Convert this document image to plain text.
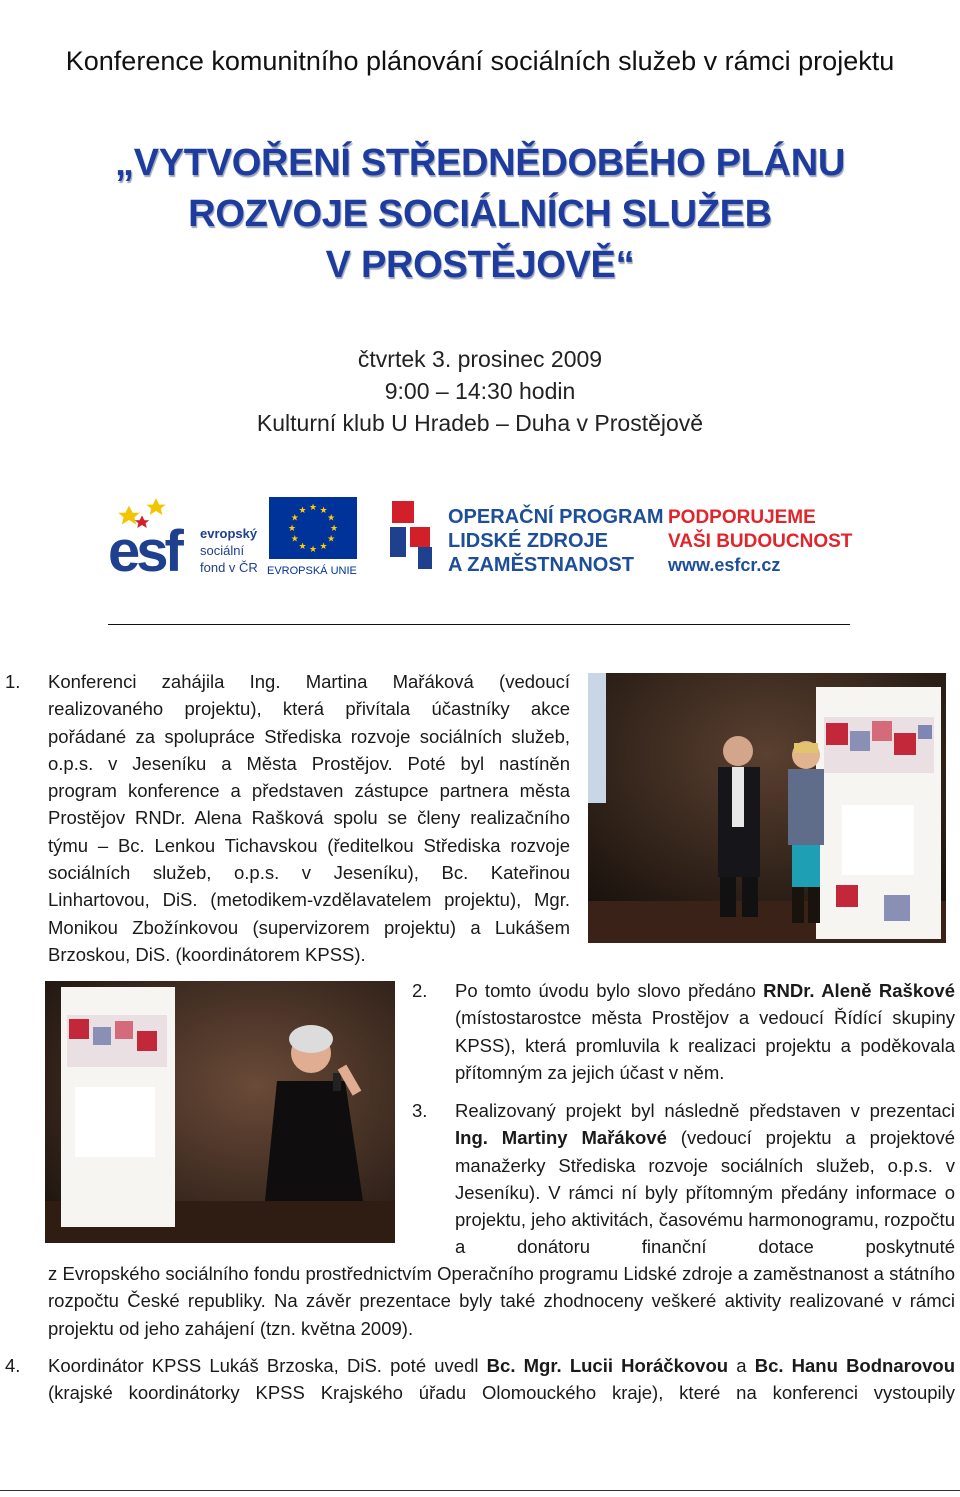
Konference komunitního plánování sociálních služeb v rámci projektu
„VYTVOŘENÍ STŘEDNĚDOBÉHO PLÁNU
ROZVOJE SOCIÁLNÍCH SLUŽEB
V PROSTĚJOVĚ“
čtvrtek 3. prosinec 2009
9:00 – 14:30 hodin
Kulturní klub U Hradeb – Duha v Prostějově
esf	evropský
sociální
fond v ČR
★ ★
★
★
★
★
★
★
★
★
★
★
EVROPSKÁ UNIE
OPERAČNÍ PROGRAM
LIDSKÉ ZDROJE
A ZAMĚSTNANOST
PODPORUJEME
VAŠI BUDOUCNOST
www.esfcr.cz
1. Konferenci zahájila Ing. Martina Mařáková (vedoucí
realizovaného projektu), která přivítala účastníky akce
pořádané za spolupráce Střediska rozvoje sociálních služeb,
o.p.s. v Jeseníku a Města Prostějov. Poté byl nastíněn
program konference a představen zástupce partnera města
Prostějov RNDr. Alena Rašková spolu se členy realizačního
týmu – Bc. Lenkou Tichavskou (ředitelkou Střediska rozvoje
sociálních služeb, o.p.s. v Jeseníku), Bc. Kateřinou
Linhartovou, DiS. (metodikem-vzdělavatelem projektu), Mgr.
Monikou Zbožínkovou (supervizorem projektu) a Lukášem
Brzoskou, DiS. (koordinátorem KPSS).
2. Po tomto úvodu bylo slovo předáno RNDr. Aleně Raškové (místostarostce města Prostějov a vedoucí Řídící skupiny KPSS), která promluvila k realizaci projektu a poděkovala přítomným za jejich účast v něm.
3. Realizovaný projekt byl následně představen v prezentaci Ing. Martiny Mařákové (vedoucí projektu a projektové manažerky Střediska rozvoje sociálních služeb, o.p.s. v Jeseníku). V rámci ní byly přítomným předány informace o projektu, jeho aktivitách, časovému harmonogramu, rozpočtu a donátoru finanční dotace poskytnuté
z Evropského sociálního fondu prostřednictvím Operačního programu Lidské zdroje a zaměstnanost a státního rozpočtu České republiky. Na závěr prezentace byly také zhodnoceny veškeré aktivity realizované v rámci projektu od jeho zahájení (tzn. května 2009).
4. Koordinátor KPSS Lukáš Brzoska, DiS. poté uvedl Bc. Mgr. Lucii Horáčkovou a Bc. Hanu Bodnarovou (krajské koordinátorky KPSS Krajského úřadu Olomouckého kraje), které na konferenci vystoupily
